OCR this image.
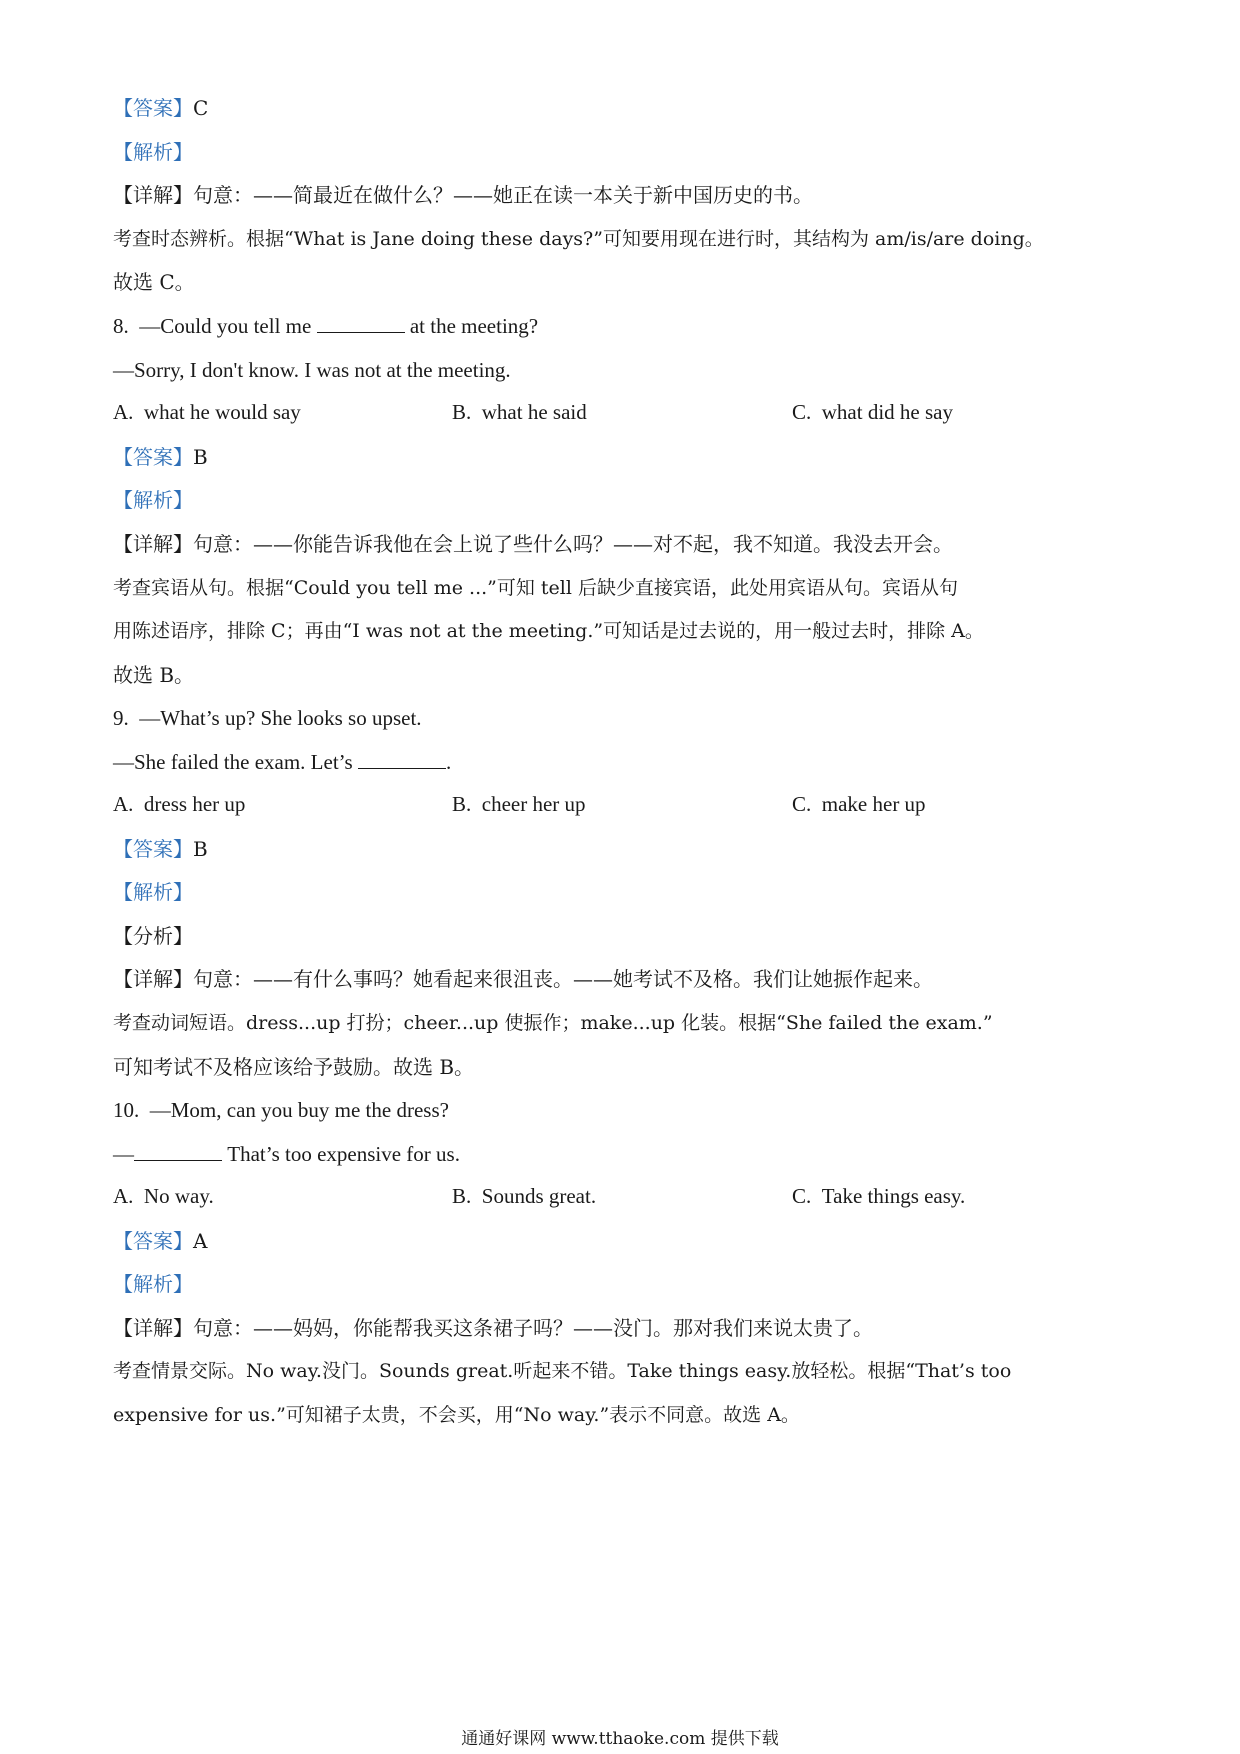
【答案】C
【解析】
【详解】句意：——简最近在做什么？——她正在读一本关于新中国历史的书。
考查时态辨析。根据“What is Jane doing these days?”可知要用现在进行时，其结构为 am/is/are doing。
故选 C。
8. —Could you tell me	at the meeting?
—Sorry, I don't know. I was not at the meeting.
A. what he would say	B. what he said	C. what did he say
【答案】B
【解析】
【详解】句意：——你能告诉我他在会上说了些什么吗？——对不起，我不知道。我没去开会。
考查宾语从句。根据“Could you tell me ...”可知 tell 后缺少直接宾语，此处用宾语从句。宾语从句
用陈述语序，排除 C；再由“I was not at the meeting.”可知话是过去说的，用一般过去时，排除 A。
故选 B。
9. —What’s up? She looks so upset.
—She failed the exam. Let’s	.
A. dress her up	B. cheer her up	C. make her up
【答案】B
【解析】
【分析】
【详解】句意：——有什么事吗？她看起来很沮丧。——她考试不及格。我们让她振作起来。
考查动词短语。dress...up 打扮；cheer...up 使振作；make...up 化装。根据“She failed the exam.”
可知考试不及格应该给予鼓励。故选 B。
10. —Mom, can you buy me the dress?
—	That’s too expensive for us.
A. No way.	B. Sounds great.	C. Take things easy.
【答案】A
【解析】
【详解】句意：——妈妈，你能帮我买这条裙子吗？——没门。那对我们来说太贵了。
考查情景交际。No way.没门。Sounds great.听起来不错。Take things easy.放轻松。根据“That’s too
expensive for us.”可知裙子太贵，不会买，用“No way.”表示不同意。故选 A。
通通好课网 www.tthaoke.com 提供下载
